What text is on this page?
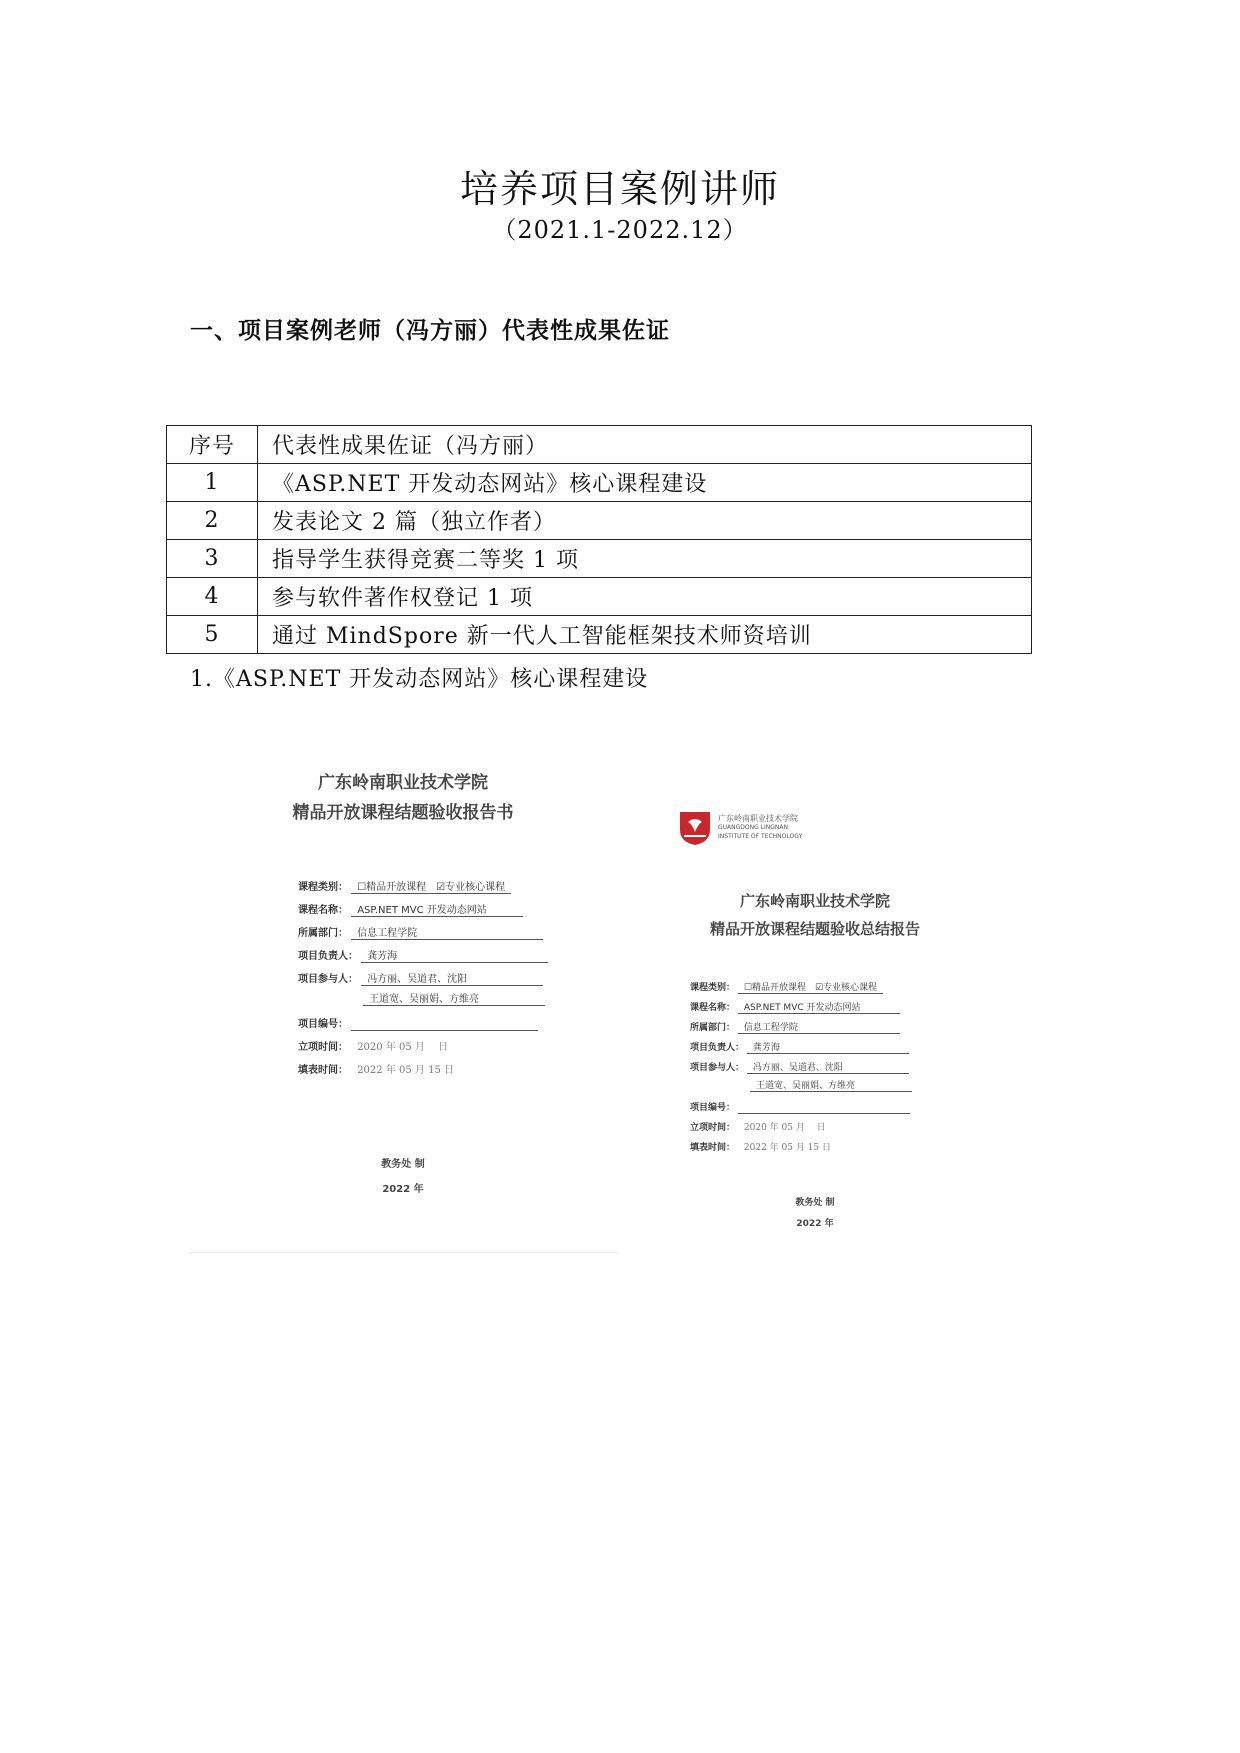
培养项目案例讲师
（2021.1-2022.12）
一、项目案例老师（冯方丽）代表性成果佐证
序号	代表性成果佐证（冯方丽）
1	《ASP.NET 开发动态网站》核心课程建设
2	发表论文 2 篇（独立作者）
3	指导学生获得竞赛二等奖 1 项
4	参与软件著作权登记 1 项
5	通过 MindSpore 新一代人工智能框架技术师资培训
1.《ASP.NET 开发动态网站》核心课程建设
广东岭南职业技术学院
精品开放课程结题验收报告书
课程类别： ☐精品开放课程　☑专业核心课程
课程名称： ASP.NET MVC 开发动态网站
所属部门： 信息工程学院
项目负责人： 龚芳海
项目参与人： 冯方丽、吴道君、沈阳
王道宽、吴丽娟、方维亮
项目编号：
立项时间： 2020 年 05 月　 日
填表时间： 2022 年 05 月 15 日
教务处 制
2022 年
广东岭南职业技术学院
GUANGDONG LINGNAN
INSTITUTE OF TECHNOLOGY
广东岭南职业技术学院
精品开放课程结题验收总结报告
课程类别： ☐精品开放课程　☑专业核心课程
课程名称： ASP.NET MVC 开发动态网站
所属部门： 信息工程学院
项目负责人： 龚芳海
项目参与人： 冯方丽、吴道君、沈阳
王道宽、吴丽娟、方维亮
项目编号：
立项时间： 2020 年 05 月　 日
填表时间： 2022 年 05 月 15 日
教务处 制
2022 年
